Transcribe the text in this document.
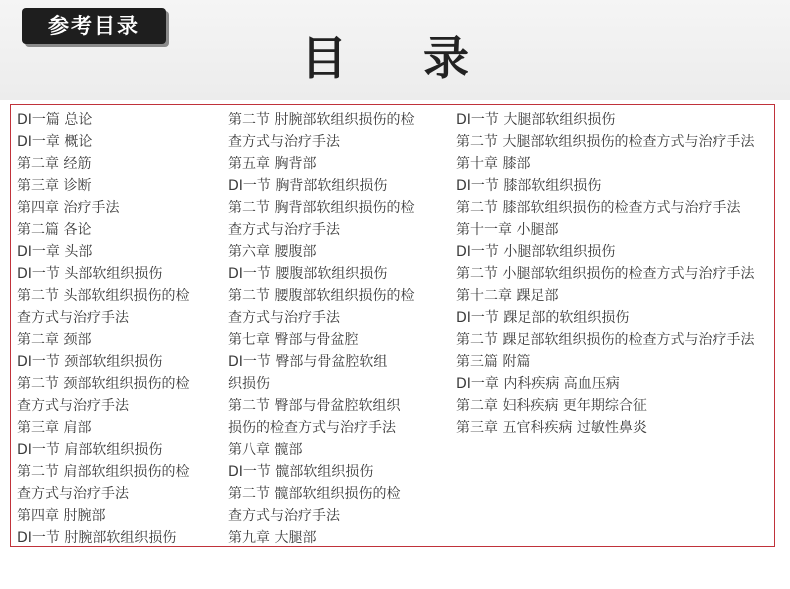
参考目录
目 录
DI一篇 总论
DI一章 概论
第二章 经筋
第三章 诊断
第四章 治疗手法
第二篇 各论
DI一章 头部
DI一节 头部软组织损伤
第二节 头部软组织损伤的检
查方式与治疗手法
第二章 颈部
DI一节 颈部软组织损伤
第二节 颈部软组织损伤的检
查方式与治疗手法
第三章 肩部
DI一节 肩部软组织损伤
第二节 肩部软组织损伤的检
查方式与治疗手法
第四章 肘腕部
DI一节 肘腕部软组织损伤
第二节 肘腕部软组织损伤的检
查方式与治疗手法
第五章 胸背部
DI一节 胸背部软组织损伤
第二节 胸背部软组织损伤的检
查方式与治疗手法
第六章 腰腹部
DI一节 腰腹部软组织损伤
第二节 腰腹部软组织损伤的检
查方式与治疗手法
第七章 臀部与骨盆腔
DI一节 臀部与骨盆腔软组
织损伤
第二节 臀部与骨盆腔软组织
损伤的检查方式与治疗手法
第八章 髋部
DI一节 髋部软组织损伤
第二节 髋部软组织损伤的检
查方式与治疗手法
第九章 大腿部
DI一节 大腿部软组织损伤
第二节 大腿部软组织损伤的检查方式与治疗手法
第十章 膝部
DI一节 膝部软组织损伤
第二节 膝部软组织损伤的检查方式与治疗手法
第十一章 小腿部
DI一节 小腿部软组织损伤
第二节 小腿部软组织损伤的检查方式与治疗手法
第十二章 踝足部
DI一节 踝足部的软组织损伤
第二节 踝足部软组织损伤的检查方式与治疗手法
第三篇 附篇
DI一章 内科疾病 高血压病
第二章 妇科疾病 更年期综合征
第三章 五官科疾病 过敏性鼻炎
